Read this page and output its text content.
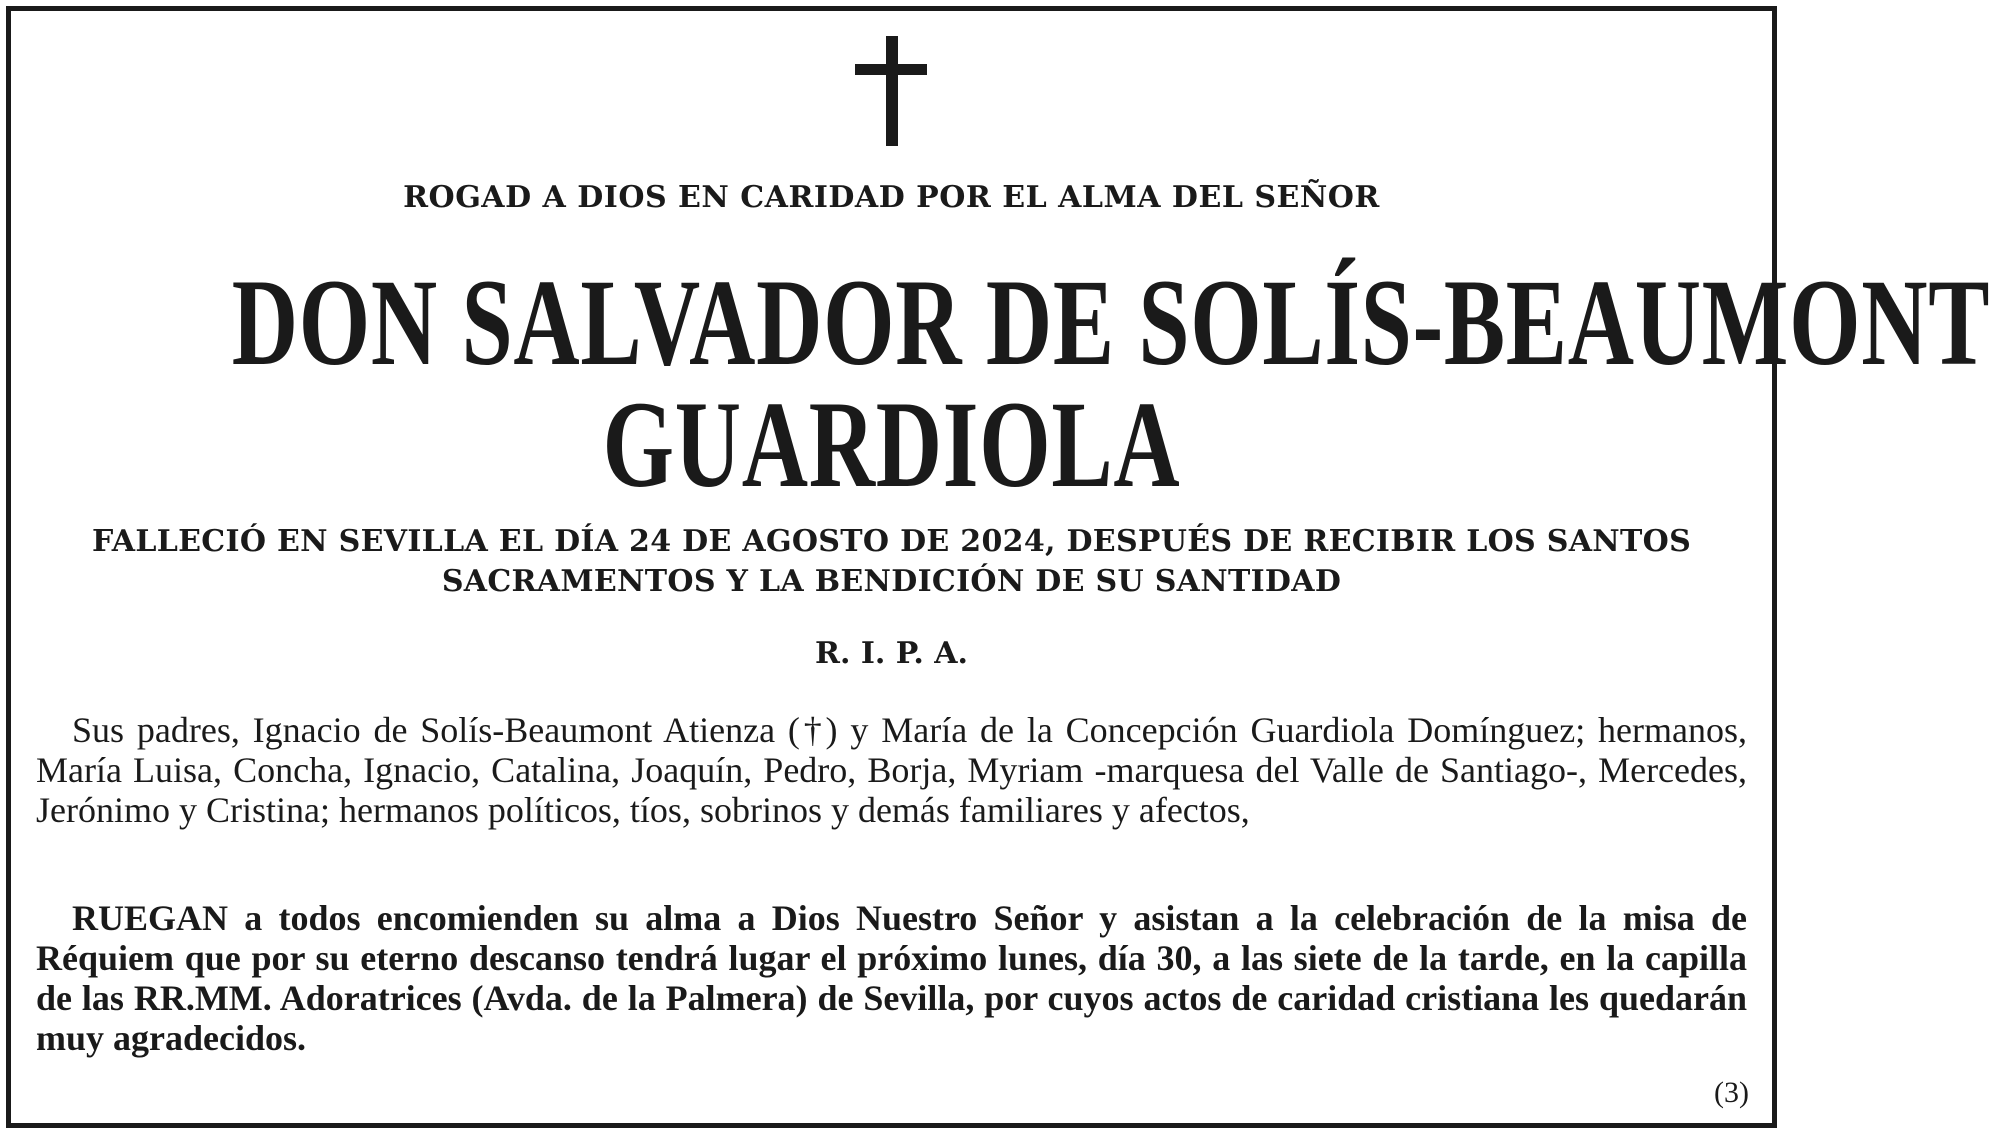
ROGAD A DIOS EN CARIDAD POR EL ALMA DEL SEÑOR
DON SALVADOR DE SOLÍS-BEAUMONT
GUARDIOLA
FALLECIÓ EN SEVILLA EL DÍA 24 DE AGOSTO DE 2024, DESPUÉS DE RECIBIR LOS SANTOS
SACRAMENTOS Y LA BENDICIÓN DE SU SANTIDAD
R. I. P. A.
Sus padres, Ignacio de Solís-Beaumont Atienza (†) y María de la Concepción Guardiola Domínguez; hermanos, María Luisa, Concha, Ignacio, Catalina, Joaquín, Pedro, Borja, Myriam -marquesa del Valle de Santiago-, Mercedes, Jerónimo y Cristina; hermanos políticos, tíos, sobrinos y demás familiares y afectos,
RUEGAN a todos encomienden su alma a Dios Nuestro Señor y asistan a la celebración de la misa de Réquiem que por su eterno descanso tendrá lugar el próximo lunes, día 30, a las siete de la tarde, en la capilla de las RR.MM. Adoratrices (Avda. de la Palmera) de Sevilla, por cuyos actos de caridad cristiana les quedarán muy agradecidos.
(3)
